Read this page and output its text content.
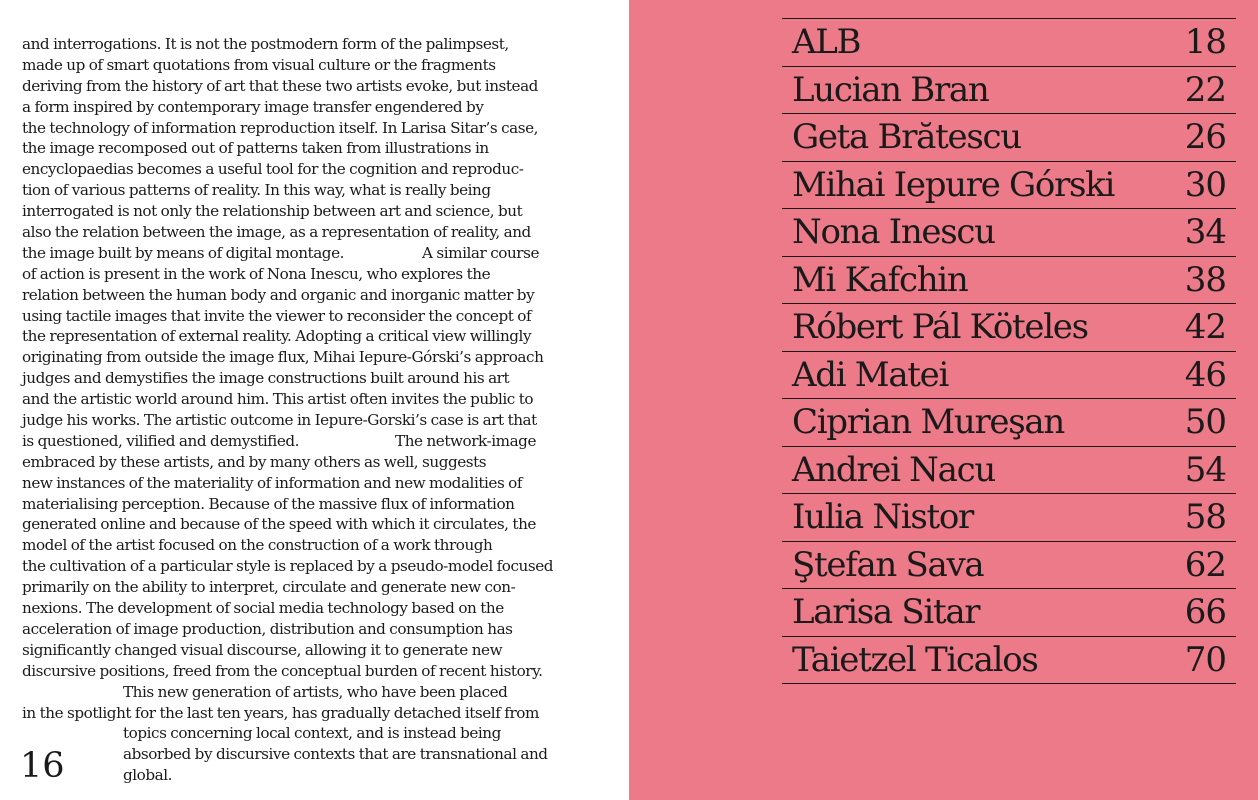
and interrogations. It is not the postmodern form of the palimpsest,
made up of smart quotations from visual culture or the fragments
deriving from the history of art that these two artists evoke, but instead
a form inspired by contemporary image transfer engendered by
the technology of information reproduction itself. In Larisa Sitar’s case,
the image recomposed out of patterns taken from illustrations in
encyclopaedias becomes a useful tool for the cognition and reproduc-
tion of various patterns of reality. In this way, what is really being
interrogated is not only the relationship between art and science, but
also the relation between the image, as a representation of reality, and
the image built by means of digital montage.	A similar course
of action is present in the work of Nona Inescu, who explores the
relation between the human body and organic and inorganic matter by
using tactile images that invite the viewer to reconsider the concept of
the representation of external reality. Adopting a critical view willingly
originating from outside the image flux, Mihai Iepure-Górski’s approach
judges and demystifies the image constructions built around his art
and the artistic world around him. This artist often invites the public to
judge his works. The artistic outcome in Iepure-Gorski’s case is art that
is questioned, vilified and demystified.	The network-image
embraced by these artists, and by many others as well, suggests
new instances of the materiality of information and new modalities of
materialising perception. Because of the massive flux of information
generated online and because of the speed with which it circulates, the
model of the artist focused on the construction of a work through
the cultivation of a particular style is replaced by a pseudo-model focused
primarily on the ability to interpret, circulate and generate new con-
nexions. The development of social media technology based on the
acceleration of image production, distribution and consumption has
significantly changed visual discourse, allowing it to generate new
discursive positions, freed from the conceptual burden of recent history.
This new generation of artists, who have been placed
in the spotlight for the last ten years, has gradually detached itself from
topics concerning local context, and is instead being
absorbed by discursive contexts that are transnational and
global.
16
ALB	18
Lucian Bran	22
Geta Brătescu	26
Mihai Iepure Górski 30
Nona Inescu	34
Mi Kafchin	38
Róbert Pál Köteles	42
Adi Matei	46
Ciprian Mureşan	50
Andrei Nacu	54
Iulia Nistor	58
Ştefan Sava	62
Larisa Sitar	66
Taietzel Ticalos	70
